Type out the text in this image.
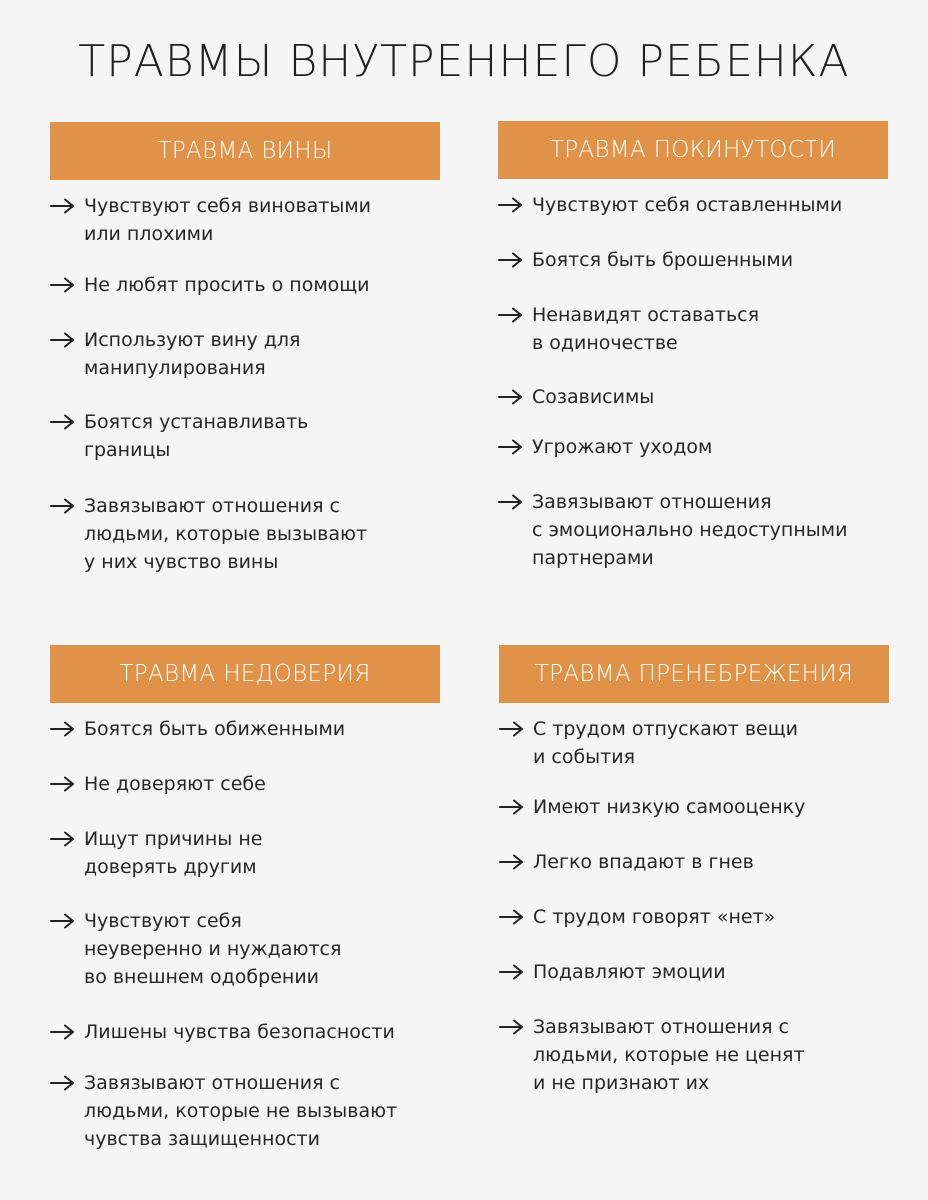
ТРАВМЫ ВНУТРЕННЕГО РЕБЕНКА
ТРАВМА ВИНЫ
Чувствуют себя виноватыми
или плохими
Не любят просить о помощи
Используют вину для
манипулирования
Боятся устанавливать
границы
Завязывают отношения с
людьми, которые вызывают
у них чувство вины
ТРАВМА ПОКИНУТОСТИ
Чувствуют себя оставленными
Боятся быть брошенными
Ненавидят оставаться
в одиночестве
Созависимы
Угрожают уходом
Завязывают отношения
с эмоционально недоступными
партнерами
ТРАВМА НЕДОВЕРИЯ
Боятся быть обиженными
Не доверяют себе
Ищут причины не
доверять другим
Чувствуют себя
неуверенно и нуждаются
во внешнем одобрении
Лишены чувства безопасности
Завязывают отношения с
людьми, которые не вызывают
чувства защищенности
ТРАВМА ПРЕНЕБРЕЖЕНИЯ
С трудом отпускают вещи
и события
Имеют низкую самооценку
Легко впадают в гнев
С трудом говорят «нет»
Подавляют эмоции
Завязывают отношения с
людьми, которые не ценят
и не признают их
